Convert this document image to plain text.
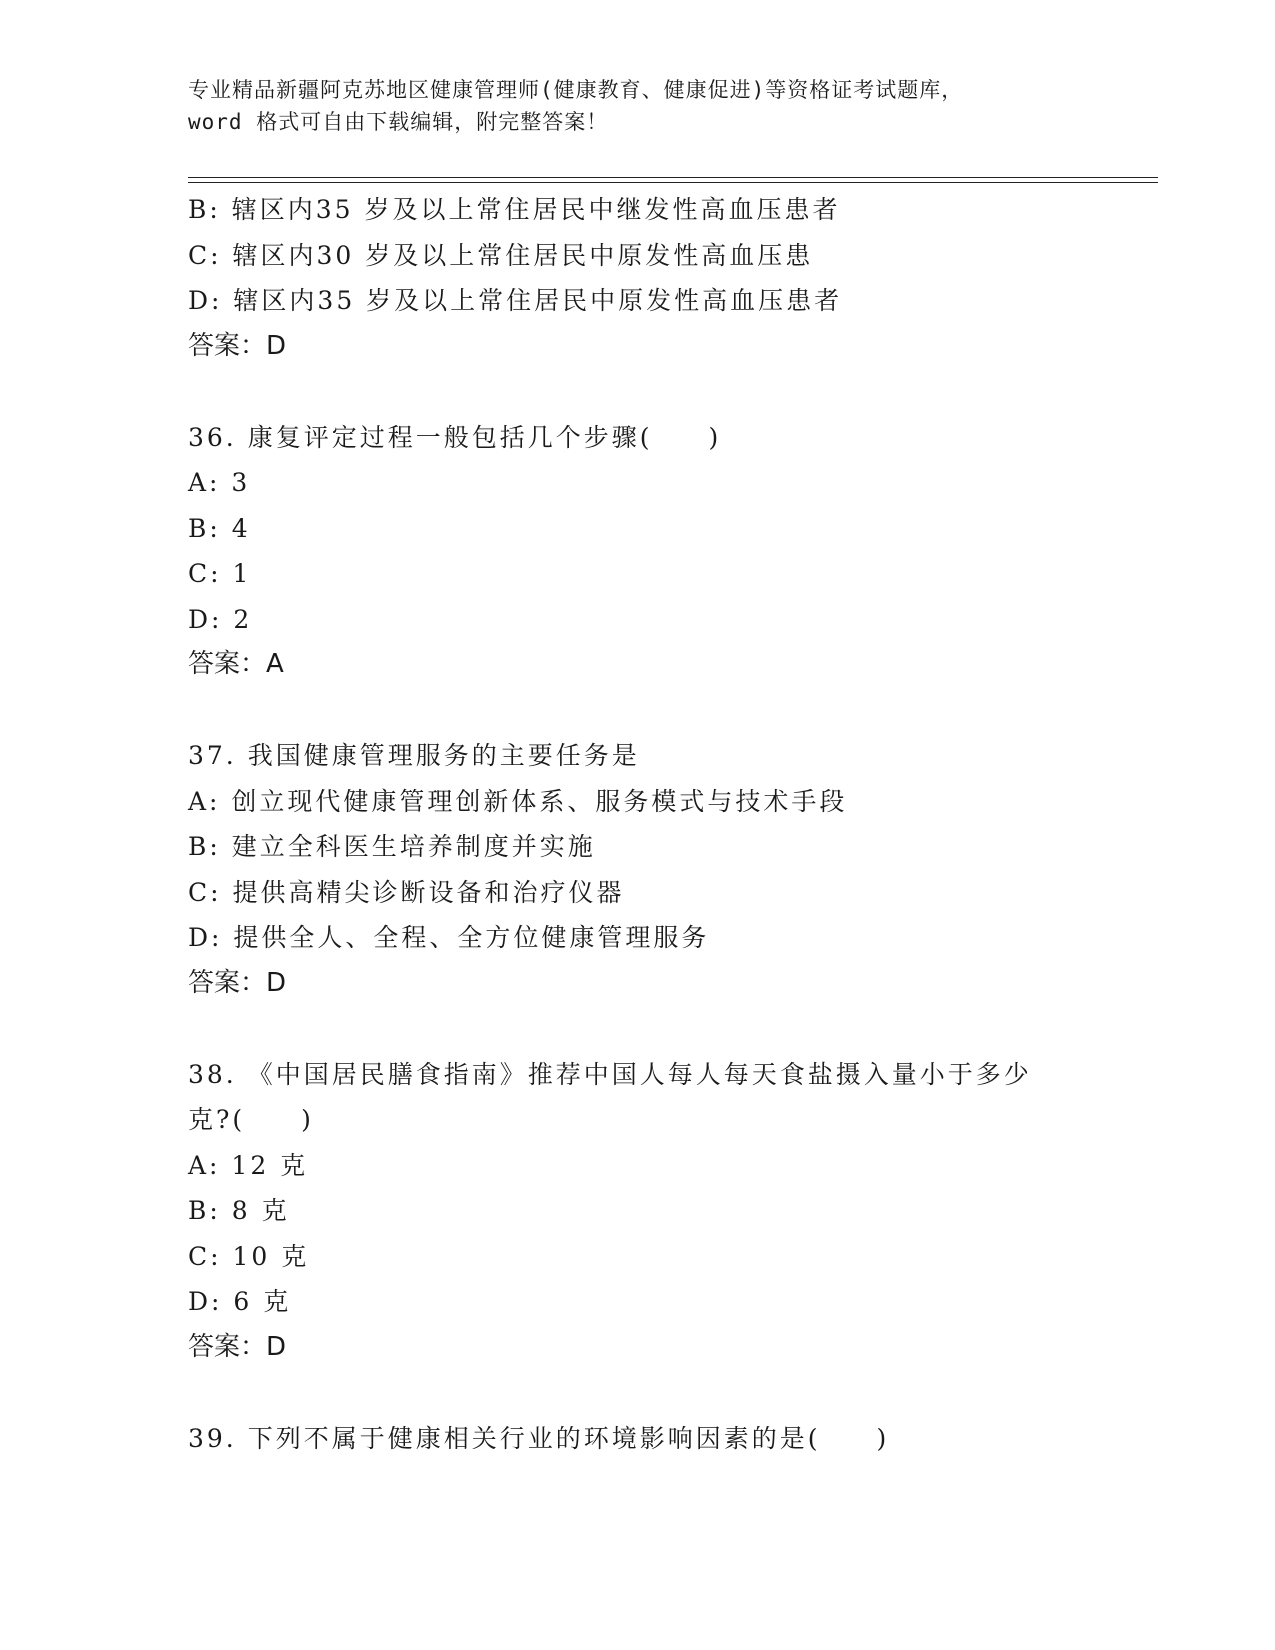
专业精品新疆阿克苏地区健康管理师(健康教育、健康促进)等资格证考试题库，
word 格式可自由下载编辑，附完整答案！
B: 辖区内35 岁及以上常住居民中继发性高血压患者
C: 辖区内30 岁及以上常住居民中原发性高血压患
D: 辖区内35 岁及以上常住居民中原发性高血压患者
答案：D
36. 康复评定过程一般包括几个步骤(　　)
A: 3
B: 4
C: 1
D: 2
答案：A
37. 我国健康管理服务的主要任务是
A: 创立现代健康管理创新体系、服务模式与技术手段
B: 建立全科医生培养制度并实施
C: 提供高精尖诊断设备和治疗仪器
D: 提供全人、全程、全方位健康管理服务
答案：D
38. 《中国居民膳食指南》推荐中国人每人每天食盐摄入量小于多少
克?(　　)
A: 12 克
B: 8 克
C: 10 克
D: 6 克
答案：D
39. 下列不属于健康相关行业的环境影响因素的是(　　)
